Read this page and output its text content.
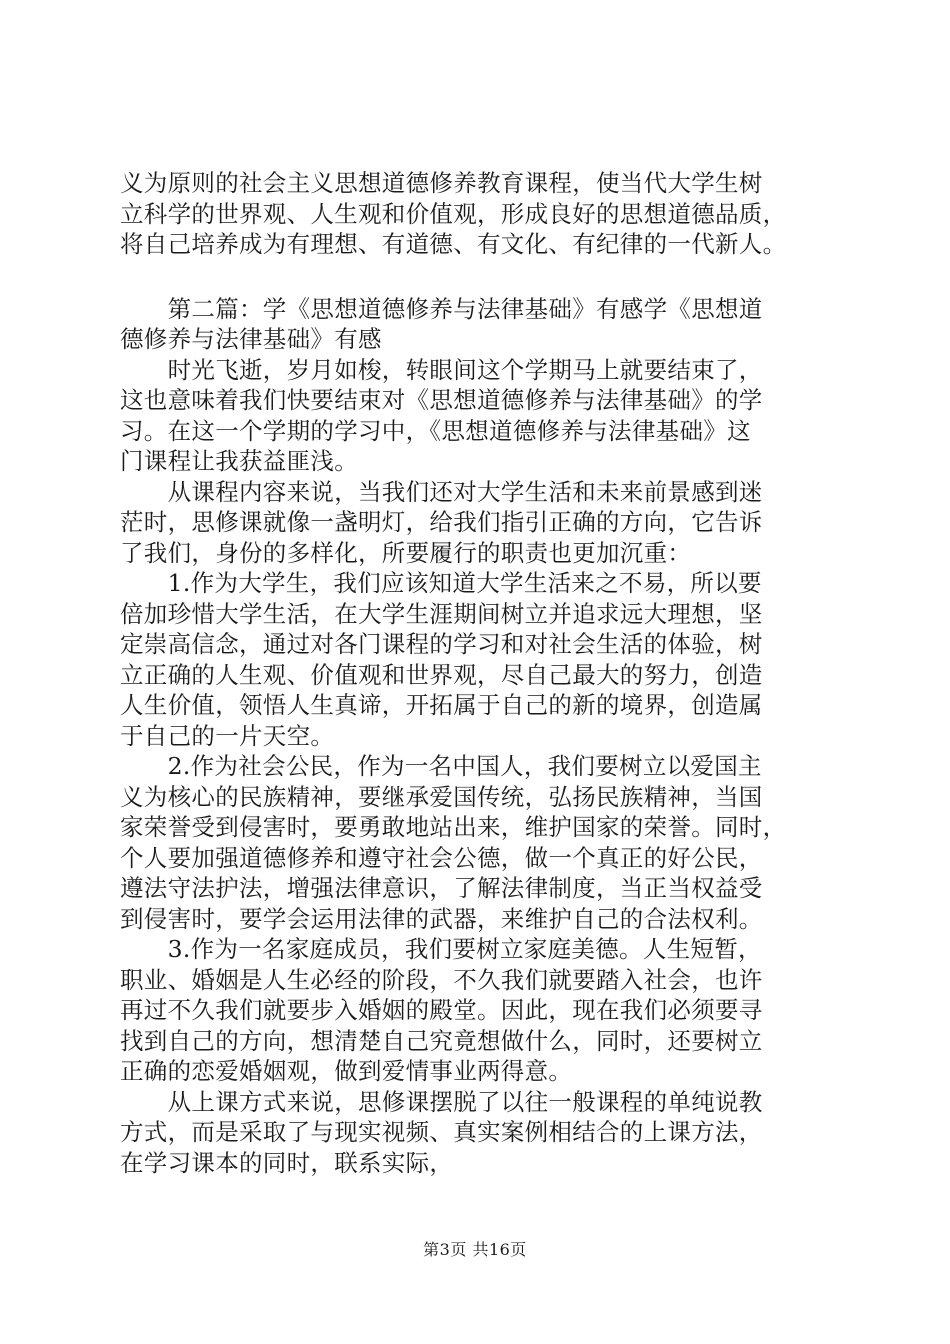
义为原则的社会主义思想道德修养教育课程，使当代大学生树
立科学的世界观、人生观和价值观，形成良好的思想道德品质，
将自己培养成为有理想、有道德、有文化、有纪律的一代新人。
　　第二篇：学《思想道德修养与法律基础》有感学《思想道
德修养与法律基础》有感
　　时光飞逝，岁月如梭，转眼间这个学期马上就要结束了，
这也意味着我们快要结束对《思想道德修养与法律基础》的学
习。在这一个学期的学习中，《思想道德修养与法律基础》这
门课程让我获益匪浅。
　　从课程内容来说，当我们还对大学生活和未来前景感到迷
茫时，思修课就像一盏明灯，给我们指引正确的方向，它告诉
了我们，身份的多样化，所要履行的职责也更加沉重：
　　1.作为大学生，我们应该知道大学生活来之不易，所以要
倍加珍惜大学生活，在大学生涯期间树立并追求远大理想，坚
定崇高信念，通过对各门课程的学习和对社会生活的体验，树
立正确的人生观、价值观和世界观，尽自己最大的努力，创造
人生价值，领悟人生真谛，开拓属于自己的新的境界，创造属
于自己的一片天空。
　　2.作为社会公民，作为一名中国人，我们要树立以爱国主
义为核心的民族精神，要继承爱国传统，弘扬民族精神，当国
家荣誉受到侵害时，要勇敢地站出来，维护国家的荣誉。同时，
个人要加强道德修养和遵守社会公德，做一个真正的好公民，
遵法守法护法，增强法律意识，了解法律制度，当正当权益受
到侵害时，要学会运用法律的武器，来维护自己的合法权利。
　　3.作为一名家庭成员，我们要树立家庭美德。人生短暂，
职业、婚姻是人生必经的阶段，不久我们就要踏入社会，也许
再过不久我们就要步入婚姻的殿堂。因此，现在我们必须要寻
找到自己的方向，想清楚自己究竟想做什么，同时，还要树立
正确的恋爱婚姻观，做到爱情事业两得意。
　　从上课方式来说，思修课摆脱了以往一般课程的单纯说教
方式，而是采取了与现实视频、真实案例相结合的上课方法，
在学习课本的同时，联系实际，
第3页 共16页
